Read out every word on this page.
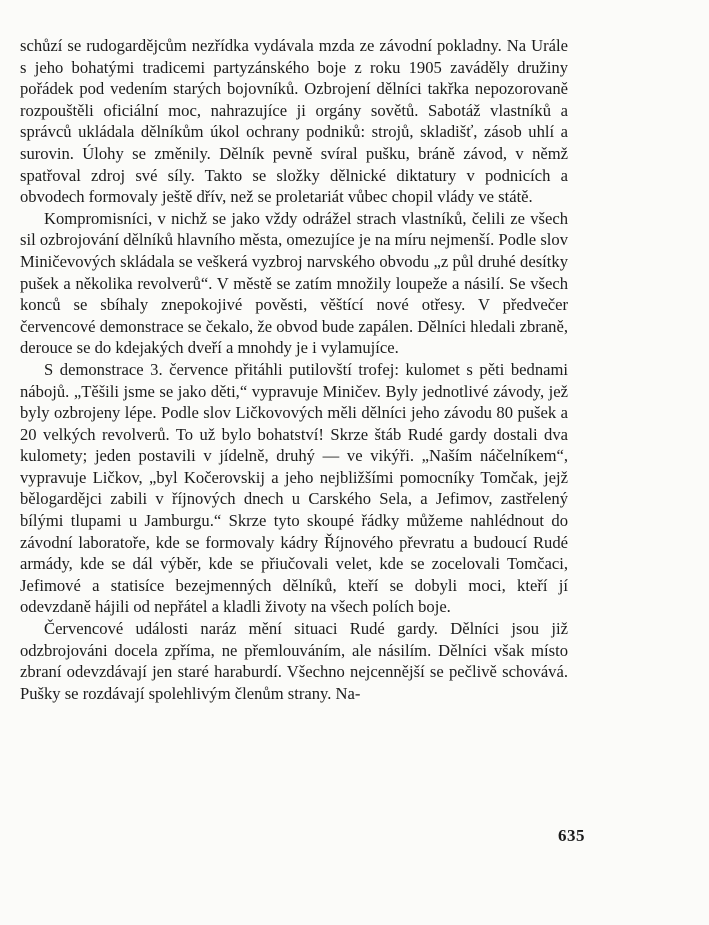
schůzí se rudogardějcům nezřídka vydávala mzda ze závodní pokladny. Na Urále s jeho bohatými tradicemi partyzánského boje z roku 1905 zaváděly družiny pořádek pod vedením starých bojovníků. Ozbrojení dělníci takřka nepozorovaně rozpouštěli oficiální moc, nahrazujíce ji orgány sovětů. Sabotáž vlastníků a správců ukládala dělníkům úkol ochrany podniků: strojů, skladišť, zásob uhlí a surovin. Úlohy se změnily. Dělník pevně svíral pušku, bráně závod, v němž spatřoval zdroj své síly. Takto se složky dělnické diktatury v podnicích a obvodech formovaly ještě dřív, než se proletariát vůbec chopil vlády ve státě.

Kompromisníci, v nichž se jako vždy odrážel strach vlastníků, čelili ze všech sil ozbrojování dělníků hlavního města, omezujíce je na míru nejmenší. Podle slov Miničevových skládala se veškerá vyzbroj narvského obvodu „z půl druhé desítky pušek a několika revolverů“. V městě se zatím množily loupeže a násilí. Se všech konců se sbíhaly znepokojivé pověsti, věštící nové otřesy. V předvečer červencové demonstrace se čekalo, že obvod bude zapálen. Dělníci hledali zbraně, derouce se do kdejakých dveří a mnohdy je i vylamujíce.

S demonstrace 3. července přitáhli putilovští trofej: kulomet s pěti bednami nábojů. „Těšili jsme se jako děti,“ vypravuje Miničev. Byly jednotlivé závody, jež byly ozbrojeny lépe. Podle slov Ličkovových měli dělníci jeho závodu 80 pušek a 20 velkých revolverů. To už bylo bohatství! Skrze štáb Rudé gardy dostali dva kulomety; jeden postavili v jídelně, druhý — ve vikýři. „Naším náčelníkem“, vypravuje Ličkov, „byl Kočerovskij a jeho nejbližšími pomocníky Tomčak, jejž bělogardějci zabili v říjnových dnech u Carského Sela, a Jefimov, zastřelený bílými tlupami u Jamburgu.“ Skrze tyto skoupé řádky můžeme nahlédnout do závodní laboratoře, kde se formovaly kádry Říjnového převratu a budoucí Rudé armády, kde se dál výběr, kde se přiučovali velet, kde se zocelovali Tomčaci, Jefimové a statisíce bezejmenných dělníků, kteří se dobyli moci, kteří jí odevzdaně hájili od nepřátel a kladli životy na všech polích boje.

Červencové události naráz mění situaci Rudé gardy. Dělníci jsou již odzbrojováni docela zpříma, ne přemlouváním, ale násilím. Dělníci však místo zbraní odevzdávají jen staré haraburdí. Všechno nejcennější se pečlivě schovává. Pušky se rozdávají spolehlivým členům strany. Na-

635
